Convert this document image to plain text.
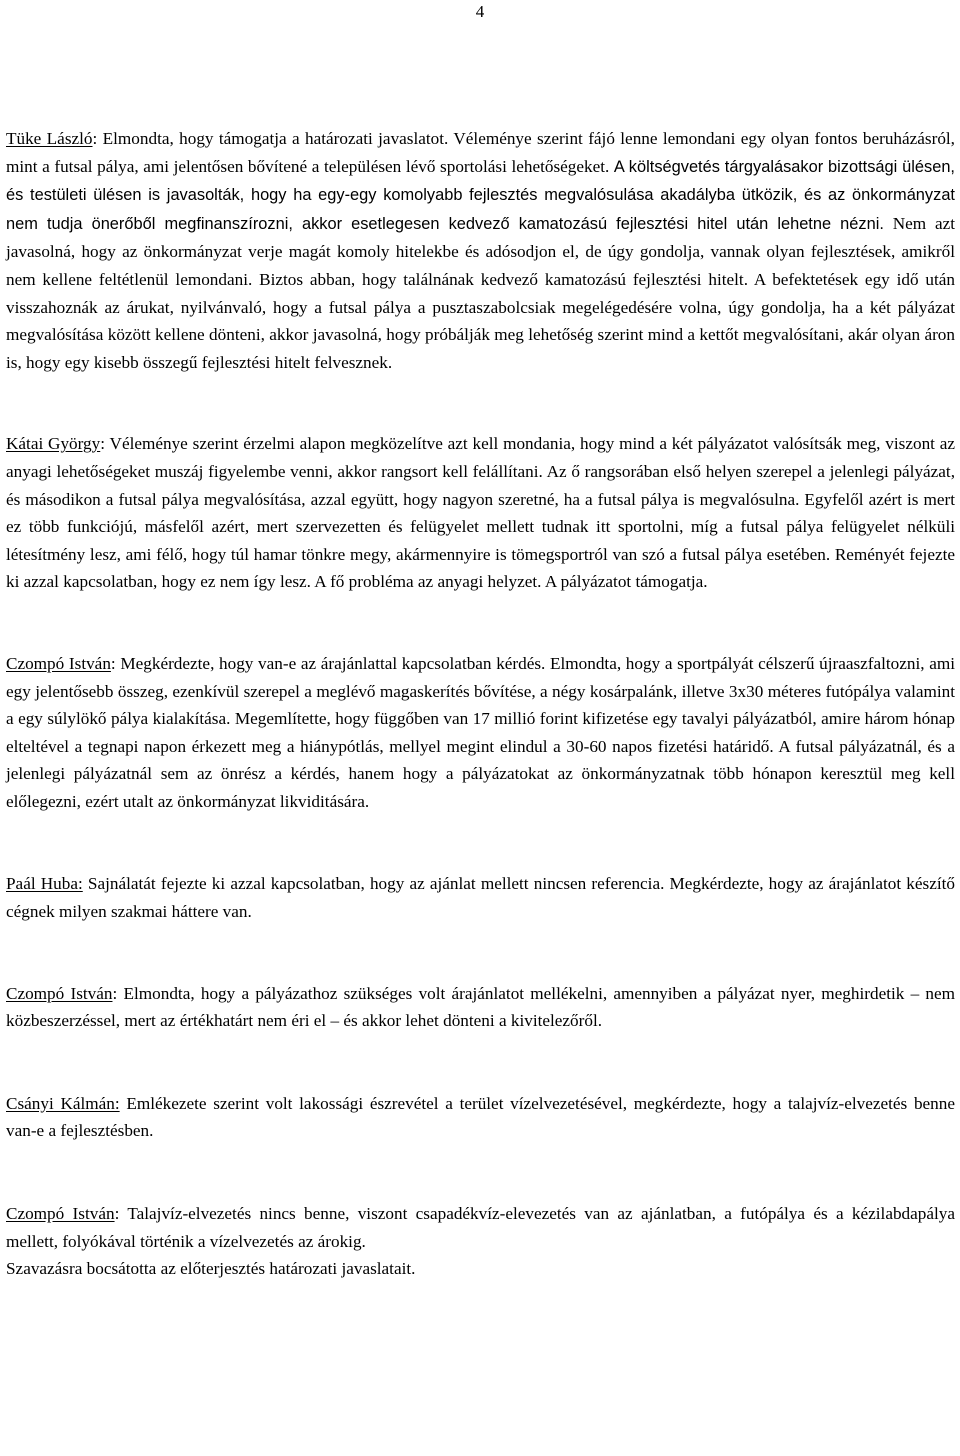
4

Tüke László: Elmondta, hogy támogatja a határozati javaslatot. Véleménye szerint fájó lenne lemondani egy olyan fontos beruházásról, mint a futsal pálya, ami jelentősen bővítené a településen lévő sportolási lehetőségeket. A költségvetés tárgyalásakor bizottsági ülésen, és testületi ülésen is javasolták, hogy ha egy-egy komolyabb fejlesztés megvalósulása akadályba ütközik, és az önkormányzat nem tudja önerőből megfinanszírozni, akkor esetlegesen kedvező kamatozású fejlesztési hitel után lehetne nézni. Nem azt javasolná, hogy az önkormányzat verje magát komoly hitelekbe és adósodjon el, de úgy gondolja, vannak olyan fejlesztések, amikről nem kellene feltétlenül lemondani. Biztos abban, hogy találnának kedvező kamatozású fejlesztési hitelt. A befektetések egy idő után visszahoznák az árukat, nyilvánvaló, hogy a futsal pálya a pusztaszabolcsiak megelégedésére volna, úgy gondolja, ha a két pályázat megvalósítása között kellene dönteni, akkor javasolná, hogy próbálják meg lehetőség szerint mind a kettőt megvalósítani, akár olyan áron is, hogy egy kisebb összegű fejlesztési hitelt felvesznek.

Kátai György: Véleménye szerint érzelmi alapon megközelítve azt kell mondania, hogy mind a két pályázatot valósítsák meg, viszont az anyagi lehetőségeket muszáj figyelembe venni, akkor rangsort kell felállítani. Az ő rangsorában első helyen szerepel a jelenlegi pályázat, és másodikon a futsal pálya megvalósítása, azzal együtt, hogy nagyon szeretné, ha a futsal pálya is megvalósulna. Egyfelől azért is mert ez több funkciójú, másfelől azért, mert szervezetten és felügyelet mellett tudnak itt sportolni, míg a futsal pálya felügyelet nélküli létesítmény lesz, ami félő, hogy túl hamar tönkre megy, akármennyire is tömegsportról van szó a futsal pálya esetében. Reményét fejezte ki azzal kapcsolatban, hogy ez nem így lesz. A fő probléma az anyagi helyzet. A pályázatot támogatja.

Czompó István: Megkérdezte, hogy van-e az árajánlattal kapcsolatban kérdés. Elmondta, hogy a sportpályát célszerű újraaszfaltozni, ami egy jelentősebb összeg, ezenkívül szerepel a meglévő magaskerítés bővítése, a négy kosárpalánk, illetve 3x30 méteres futópálya valamint a egy súlylökő pálya kialakítása. Megemlítette, hogy függőben van 17 millió forint kifizetése egy tavalyi pályázatból, amire három hónap elteltével a tegnapi napon érkezett meg a hiánypótlás, mellyel megint elindul a 30-60 napos fizetési határidő. A futsal pályázatnál, és a jelenlegi pályázatnál sem az önrész a kérdés, hanem hogy a pályázatokat az önkormányzatnak több hónapon keresztül meg kell előlegezni, ezért utalt az önkormányzat likviditására.

Paál Huba: Sajnálatát fejezte ki azzal kapcsolatban, hogy az ajánlat mellett nincsen referencia. Megkérdezte, hogy az árajánlatot készítő cégnek milyen szakmai háttere van.

Czompó István: Elmondta, hogy a pályázathoz szükséges volt árajánlatot mellékelni, amennyiben a pályázat nyer, meghirdetik – nem közbeszerzéssel, mert az értékhatárt nem éri el – és akkor lehet dönteni a kivitelezőről.

Csányi Kálmán: Emlékezete szerint volt lakossági észrevétel a terület vízelvezetésével, megkérdezte, hogy a talajvíz-elvezetés benne van-e a fejlesztésben.

Czompó István: Talajvíz-elvezetés nincs benne, viszont csapadékvíz-elevezetés van az ajánlatban, a futópálya és a kézilabdapálya mellett, folyókával történik a vízelvezetés az árokig.

Szavazásra bocsátotta az előterjesztés határozati javaslatait.
